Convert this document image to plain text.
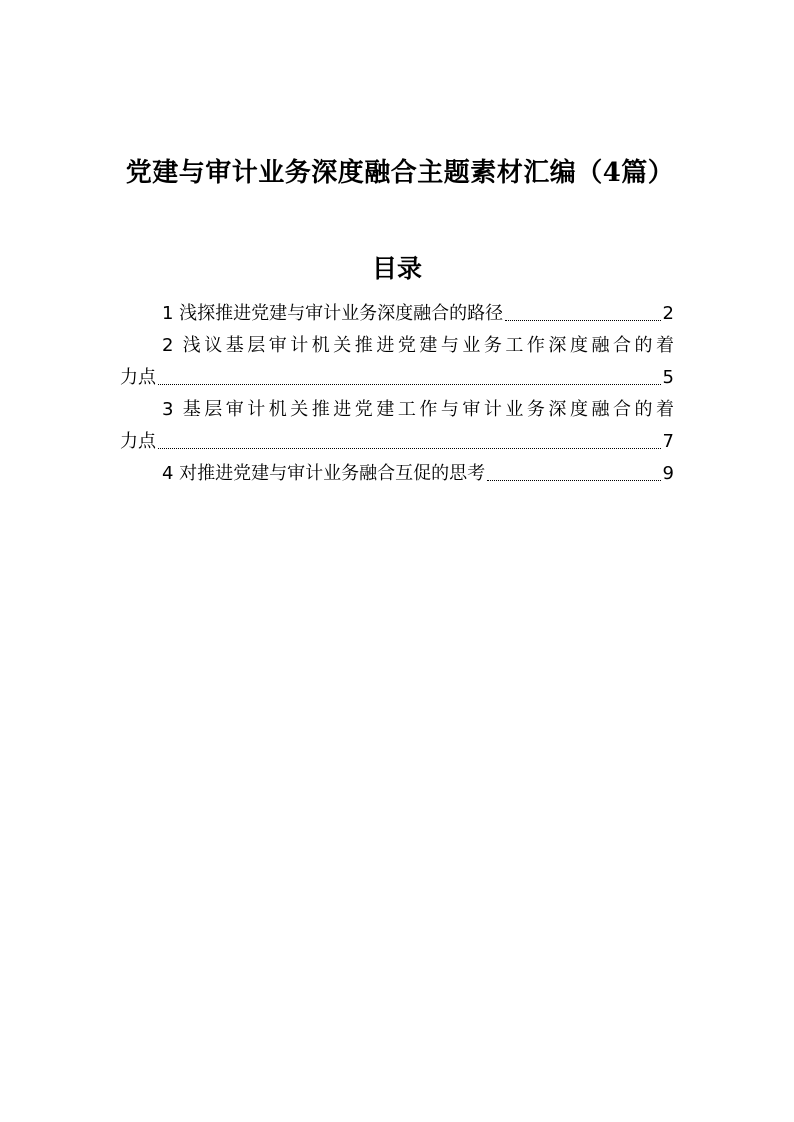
党建与审计业务深度融合主题素材汇编（4篇）
目录
1 浅探推进党建与审计业务深度融合的路径	2
2 浅议基层审计机关推进党建与业务工作深度融合的着
力点	5
3 基层审计机关推进党建工作与审计业务深度融合的着
力点	7
4 对推进党建与审计业务融合互促的思考	9
